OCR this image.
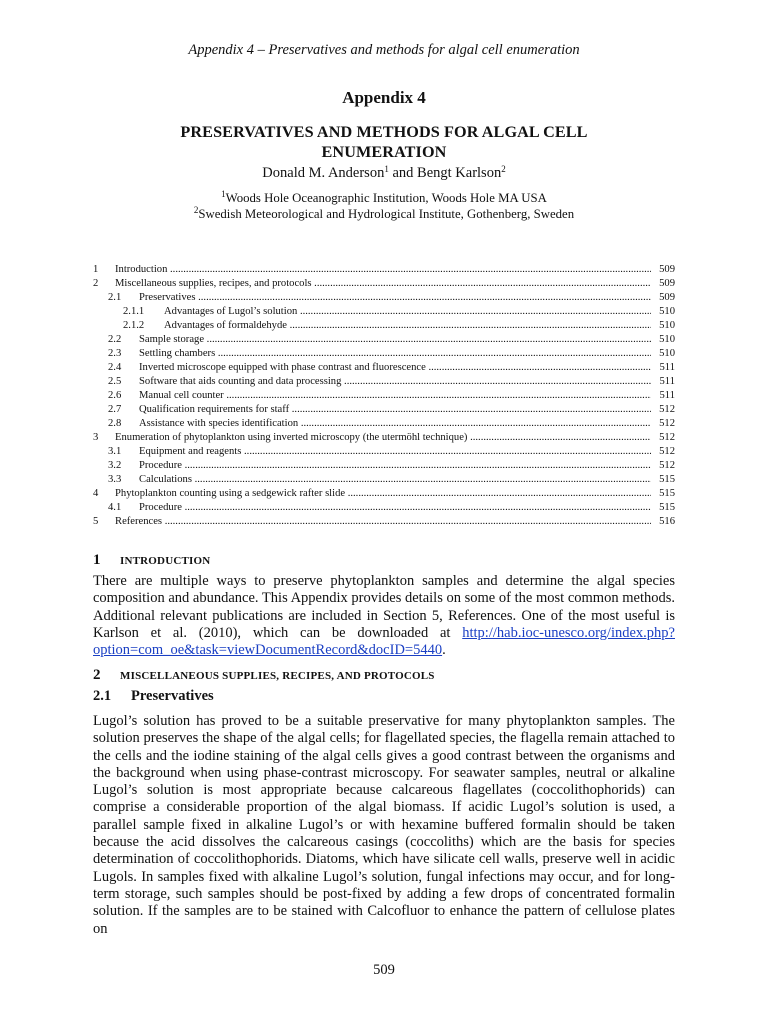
Appendix 4 – Preservatives and methods for algal cell enumeration
Appendix 4
PRESERVATIVES AND METHODS FOR ALGAL CELL ENUMERATION
Donald M. Anderson$^1$ and Bengt Karlson$^2$
$^1$Woods Hole Oceanographic Institution, Woods Hole MA USA
$^2$Swedish Meteorological and Hydrological Institute, Gothenberg, Sweden
1 Introduction .....	509
2 Miscellaneous supplies, recipes, and protocols .....	509
2.1 Preservatives .....	509
2.1.1 Advantages of Lugol’s solution .....	510
2.1.2 Advantages of formaldehyde .....	510
2.2 Sample storage .....	510
2.3 Settling chambers .....	510
2.4 Inverted microscope equipped with phase contrast and fluorescence .....	511
2.5 Software that aids counting and data processing .....	511
2.6 Manual cell counter .....	511
2.7 Qualification requirements for staff .....	512
2.8 Assistance with species identification .....	512
3 Enumeration of phytoplankton using inverted microscopy (the utermöhl technique) .....	512
3.1 Equipment and reagents .....	512
3.2 Procedure .....	512
3.3 Calculations .....	515
4 Phytoplankton counting using a sedgewick rafter slide .....	515
4.1 Procedure .....	515
5 References .....	516
1 INTRODUCTION
There are multiple ways to preserve phytoplankton samples and determine the algal species composition and abundance. This Appendix provides details on some of the most common methods. Additional relevant publications are included in Section 5, References. One of the most useful is Karlson et al. (2010), which can be downloaded at http://hab.ioc-unesco.org/index.php?option=com_oe&task=viewDocumentRecord&docID=5440.
2 MISCELLANEOUS SUPPLIES, RECIPES, AND PROTOCOLS
2.1 Preservatives
Lugol’s solution has proved to be a suitable preservative for many phytoplankton samples. The solution preserves the shape of the algal cells; for flagellated species, the flagella remain attached to the cells and the iodine staining of the algal cells gives a good contrast between the organisms and the background when using phase-contrast microscopy. For seawater samples, neutral or alkaline Lugol’s solution is most appropriate because calcareous flagellates (coccolithophorids) can comprise a considerable proportion of the algal biomass. If acidic Lugol’s solution is used, a parallel sample fixed in alkaline Lugol’s or with hexamine buffered formalin should be taken because the acid dissolves the calcareous casings (coccoliths) which are the basis for species determination of coccolithophorids. Diatoms, which have silicate cell walls, preserve well in acidic Lugols. In samples fixed with alkaline Lugol’s solution, fungal infections may occur, and for long-term storage, such samples should be post-fixed by adding a few drops of concentrated formalin solution. If the samples are to be stained with Calcofluor to enhance the pattern of cellulose plates on
509
